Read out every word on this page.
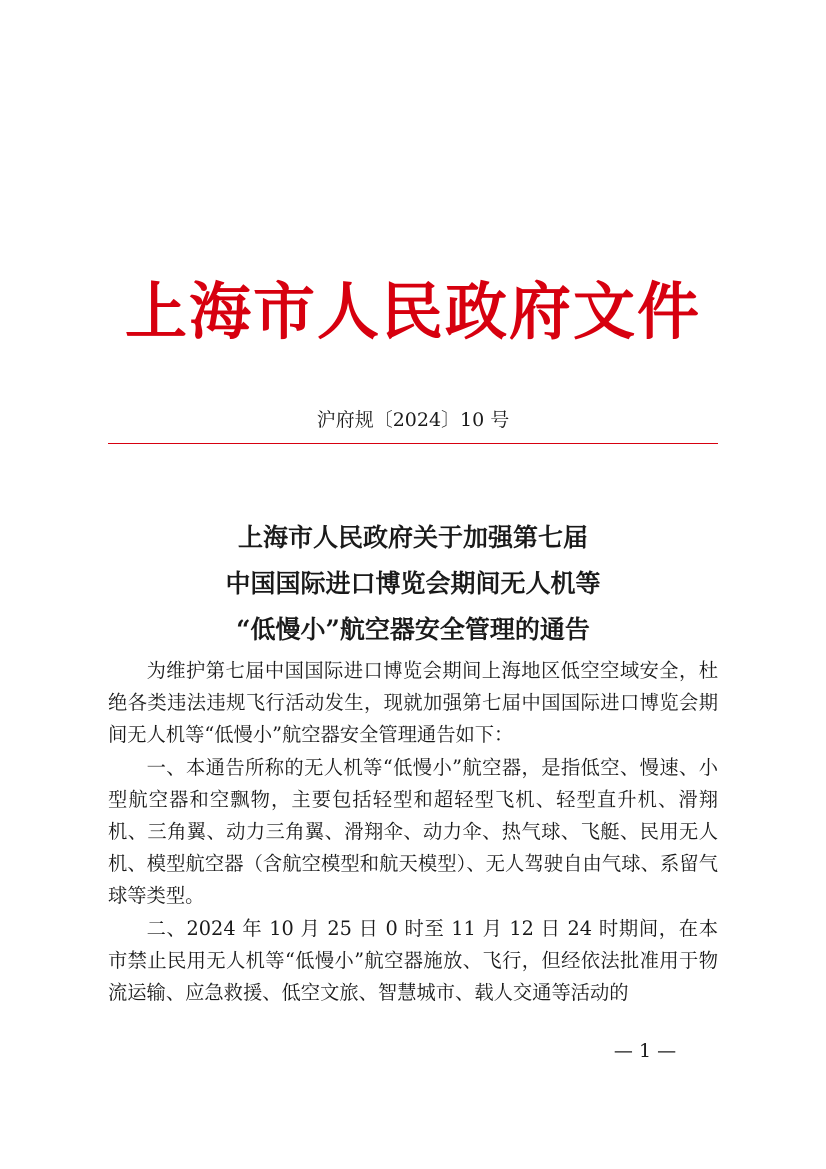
上海市人民政府文件
沪府规〔2024〕10 号
上海市人民政府关于加强第七届
中国国际进口博览会期间无人机等
“低慢小”航空器安全管理的通告

为维护第七届中国国际进口博览会期间上海地区低空空域安全，杜绝各类违法违规飞行活动发生，现就加强第七届中国国际进口博览会期间无人机等“低慢小”航空器安全管理通告如下：

一、本通告所称的无人机等“低慢小”航空器，是指低空、慢速、小型航空器和空飘物，主要包括轻型和超轻型飞机、轻型直升机、滑翔机、三角翼、动力三角翼、滑翔伞、动力伞、热气球、飞艇、民用无人机、模型航空器（含航空模型和航天模型）、无人驾驶自由气球、系留气球等类型。

二、2024 年 10 月 25 日 0 时至 11 月 12 日 24 时期间，在本市禁止民用无人机等“低慢小”航空器施放、飞行，但经依法批准用于物流运输、应急救援、低空文旅、智慧城市、载人交通等活动的

— 1 —
